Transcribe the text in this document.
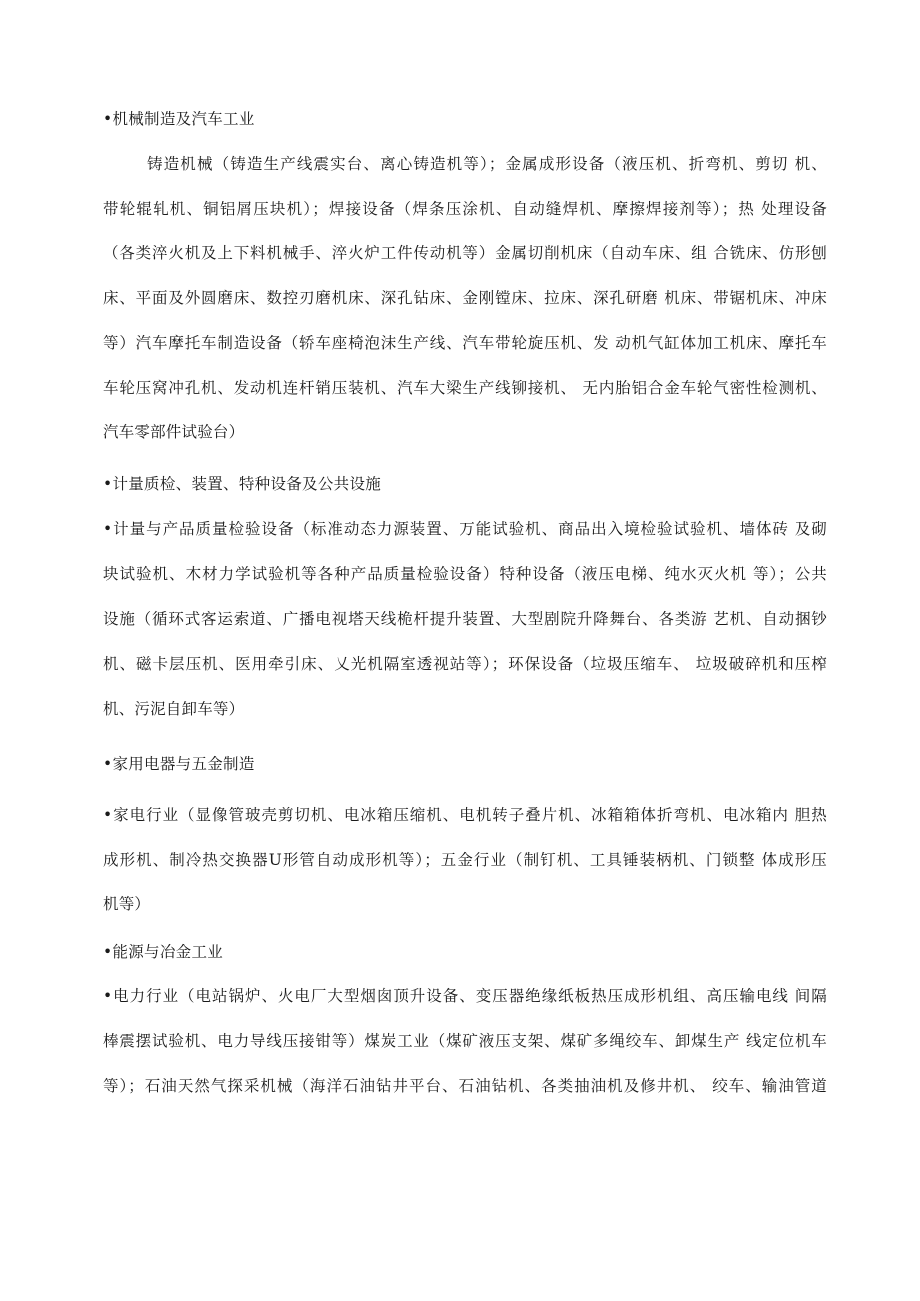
•机械制造及汽车工业
铸造机械（铸造生产线震实台、离心铸造机等）；金属成形设备（液压机、折弯机、剪切 机、
带轮辊轧机、铜铝屑压块机）；焊接设备（焊条压涂机、自动缝焊机、摩擦焊接剂等）；热 处理设备
（各类淬火机及上下料机械手、淬火炉工件传动机等）金属切削机床（自动车床、组 合铣床、仿形刨
床、平面及外圆磨床、数控刃磨机床、深孔钻床、金刚镗床、拉床、深孔研磨 机床、带锯机床、冲床
等）汽车摩托车制造设备（轿车座椅泡沫生产线、汽车带轮旋压机、发 动机气缸体加工机床、摩托车
车轮压窝冲孔机、发动机连杆销压装机、汽车大梁生产线铆接机、 无内胎铝合金车轮气密性检测机、
汽车零部件试验台）
•计量质检、装置、特种设备及公共设施
•计量与产品质量检验设备（标准动态力源装置、万能试验机、商品出入境检验试验机、墙体砖 及砌
块试验机、木材力学试验机等各种产品质量检验设备）特种设备（液压电梯、纯水灭火机 等）；公共
设施（循环式客运索道、广播电视塔天线桅杆提升装置、大型剧院升降舞台、各类游 艺机、自动捆钞
机、磁卡层压机、医用牵引床、乂光机隔室透视站等）；环保设备（垃圾压缩车、 垃圾破碎机和压榨
机、污泥自卸车等）
•家用电器与五金制造
•家电行业（显像管玻壳剪切机、电冰箱压缩机、电机转子叠片机、冰箱箱体折弯机、电冰箱内 胆热
成形机、制冷热交换器U形管自动成形机等）；五金行业（制钉机、工具锤装柄机、门锁整 体成形压
机等）
•能源与冶金工业
•电力行业（电站锅炉、火电厂大型烟囱顶升设备、变压器绝缘纸板热压成形机组、高压输电线 间隔
棒震摆试验机、电力导线压接钳等）煤炭工业（煤矿液压支架、煤矿多绳绞车、卸煤生产 线定位机车
等）；石油天然气探采机械（海洋石油钻井平台、石油钻机、各类抽油机及修井机、 绞车、输油管道
